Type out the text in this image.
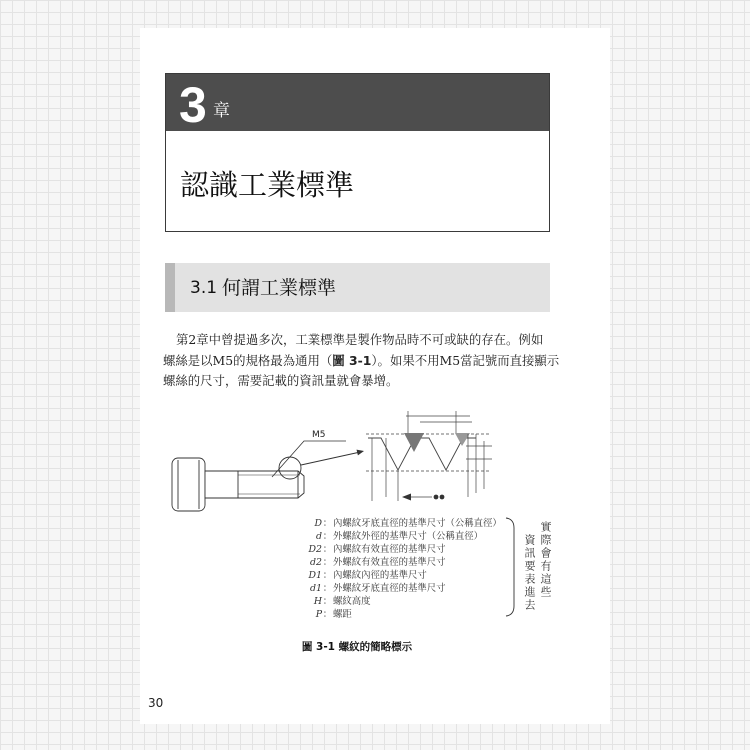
3 章
認識工業標準
3.1 何謂工業標準
第2章中曾提過多次，工業標準是製作物品時不可或缺的存在。例如
螺絲是以M5的規格最為通用（圖 3-1）。如果不用M5當記號而直接顯示
螺絲的尺寸，需要記載的資訊量就會暴增。
M5
D ： 內螺紋牙底直徑的基準尺寸（公稱直徑）
d ： 外螺紋外徑的基準尺寸（公稱直徑）
D2 ： 內螺紋有效直徑的基準尺寸
d2 ： 外螺紋有效直徑的基準尺寸
D1 ： 內螺紋內徑的基準尺寸
d1 ： 外螺紋牙底直徑的基準尺寸
H ： 螺紋高度
P ： 螺距
實際會有這些
資訊要表進去
圖 3-1 螺紋的簡略標示
30
